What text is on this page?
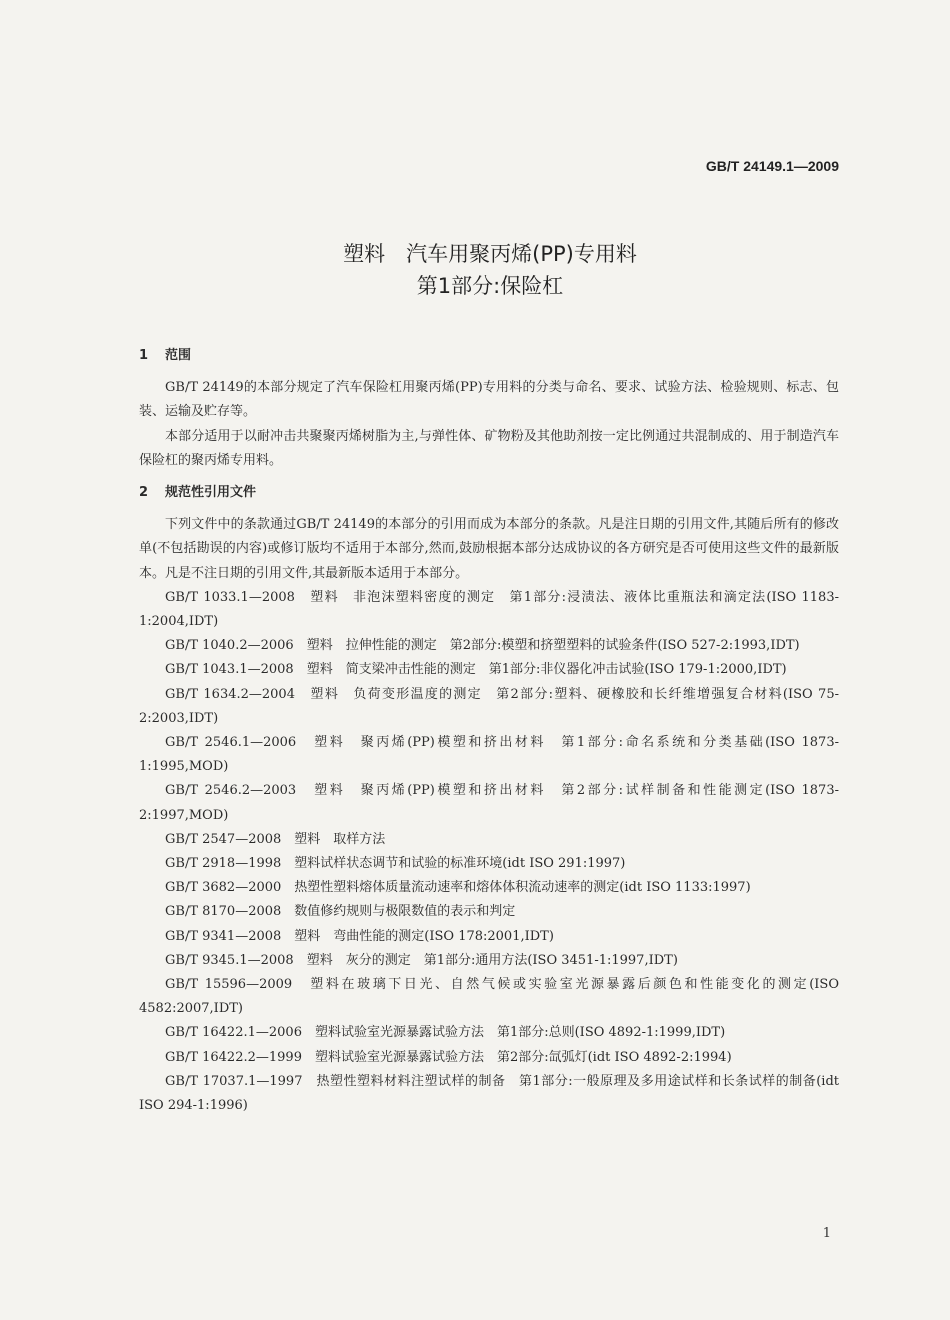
GB/T 24149.1—2009
塑料　汽车用聚丙烯(PP)专用料
第1部分:保险杠
1 范围
GB/T 24149的本部分规定了汽车保险杠用聚丙烯(PP)专用料的分类与命名、要求、试验方法、检验规则、标志、包装、运输及贮存等。
本部分适用于以耐冲击共聚聚丙烯树脂为主,与弹性体、矿物粉及其他助剂按一定比例通过共混制成的、用于制造汽车保险杠的聚丙烯专用料。
2 规范性引用文件
下列文件中的条款通过GB/T 24149的本部分的引用而成为本部分的条款。凡是注日期的引用文件,其随后所有的修改单(不包括勘误的内容)或修订版均不适用于本部分,然而,鼓励根据本部分达成协议的各方研究是否可使用这些文件的最新版本。凡是不注日期的引用文件,其最新版本适用于本部分。
GB/T 1033.1—2008　塑料　非泡沫塑料密度的测定　第1部分:浸渍法、液体比重瓶法和滴定法(ISO 1183-1:2004,IDT)
GB/T 1040.2—2006　塑料　拉伸性能的测定　第2部分:模塑和挤塑塑料的试验条件(ISO 527-2:1993,IDT)
GB/T 1043.1—2008　塑料　简支梁冲击性能的测定　第1部分:非仪器化冲击试验(ISO 179-1:2000,IDT)
GB/T 1634.2—2004　塑料　负荷变形温度的测定　第2部分:塑料、硬橡胶和长纤维增强复合材料(ISO 75-2:2003,IDT)
GB/T 2546.1—2006　塑料　聚丙烯(PP)模塑和挤出材料　第1部分:命名系统和分类基础(ISO 1873-1:1995,MOD)
GB/T 2546.2—2003　塑料　聚丙烯(PP)模塑和挤出材料　第2部分:试样制备和性能测定(ISO 1873-2:1997,MOD)
GB/T 2547—2008　塑料　取样方法
GB/T 2918—1998　塑料试样状态调节和试验的标准环境(idt ISO 291:1997)
GB/T 3682—2000　热塑性塑料熔体质量流动速率和熔体体积流动速率的测定(idt ISO 1133:1997)
GB/T 8170—2008　数值修约规则与极限数值的表示和判定
GB/T 9341—2008　塑料　弯曲性能的测定(ISO 178:2001,IDT)
GB/T 9345.1—2008　塑料　灰分的测定　第1部分:通用方法(ISO 3451-1:1997,IDT)
GB/T 15596—2009　塑料在玻璃下日光、自然气候或实验室光源暴露后颜色和性能变化的测定(ISO 4582:2007,IDT)
GB/T 16422.1—2006　塑料试验室光源暴露试验方法　第1部分:总则(ISO 4892-1:1999,IDT)
GB/T 16422.2—1999　塑料试验室光源暴露试验方法　第2部分:氙弧灯(idt ISO 4892-2:1994)
GB/T 17037.1—1997　热塑性塑料材料注塑试样的制备　第1部分:一般原理及多用途试样和长条试样的制备(idt ISO 294-1:1996)
1
